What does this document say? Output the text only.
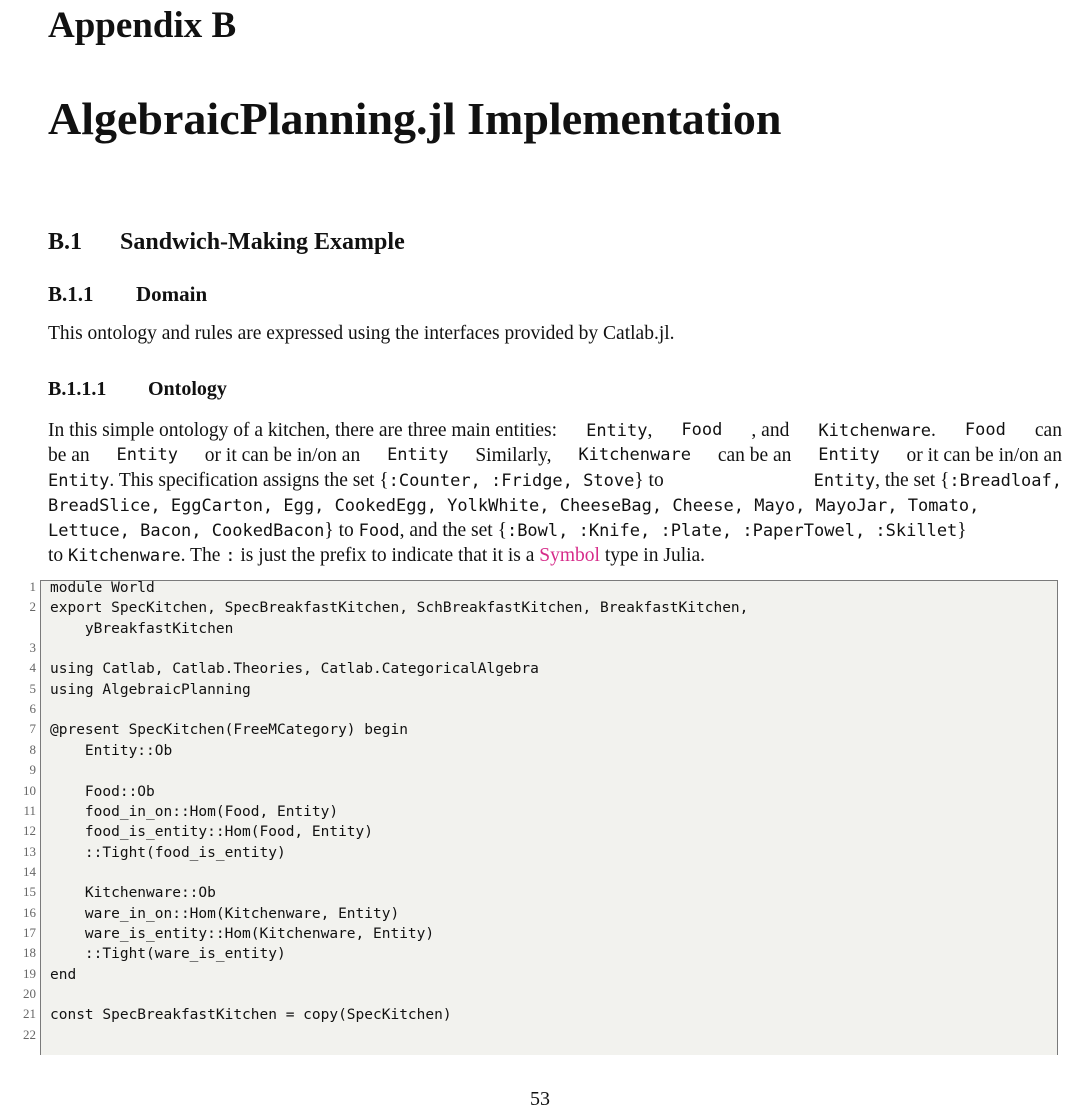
Appendix B
AlgebraicPlanning.jl Implementation
B.1 Sandwich-Making Example
B.1.1 Domain

This ontology and rules are expressed using the interfaces provided by Catlab.jl.

B.1.1.1 Ontology
In this simple ontology of a kitchen, there are three main entities: Entity, Food , and Kitchenware. Food can
be an Entity or it can be in/on an Entity Similarly, Kitchenware can be an Entity or it can be in/on an
Entity. This specification assigns the set {:Counter, :Fridge, Stove} to	Entity, the set {:Breadloaf,
BreadSlice, EggCarton, Egg, CookedEgg, YolkWhite, CheeseBag, Cheese, Mayo, MayoJar, Tomato,
Lettuce, Bacon, CookedBacon} to Food, and the set {:Bowl, :Knife, :Plate, :PaperTowel, :Skillet}
to Kitchenware. The : is just the prefix to indicate that it is a Symbol type in Julia.
module World
export SpecKitchen, SpecBreakfastKitchen, SchBreakfastKitchen, BreakfastKitchen,
yBreakfastKitchen
using Catlab, Catlab.Theories, Catlab.CategoricalAlgebra
using AlgebraicPlanning
@present SpecKitchen(FreeMCategory) begin
Entity::Ob
Food::Ob
food_in_on::Hom(Food, Entity)
food_is_entity::Hom(Food, Entity)
::Tight(food_is_entity)
Kitchenware::Ob
ware_in_on::Hom(Kitchenware, Entity)
ware_is_entity::Hom(Kitchenware, Entity)
::Tight(ware_is_entity)
end
const SpecBreakfastKitchen = copy(SpecKitchen)
1
2
3
4
5
6
7
8
9
10
11
12
13
14
15
16
17
18
19
20
21
22
53
